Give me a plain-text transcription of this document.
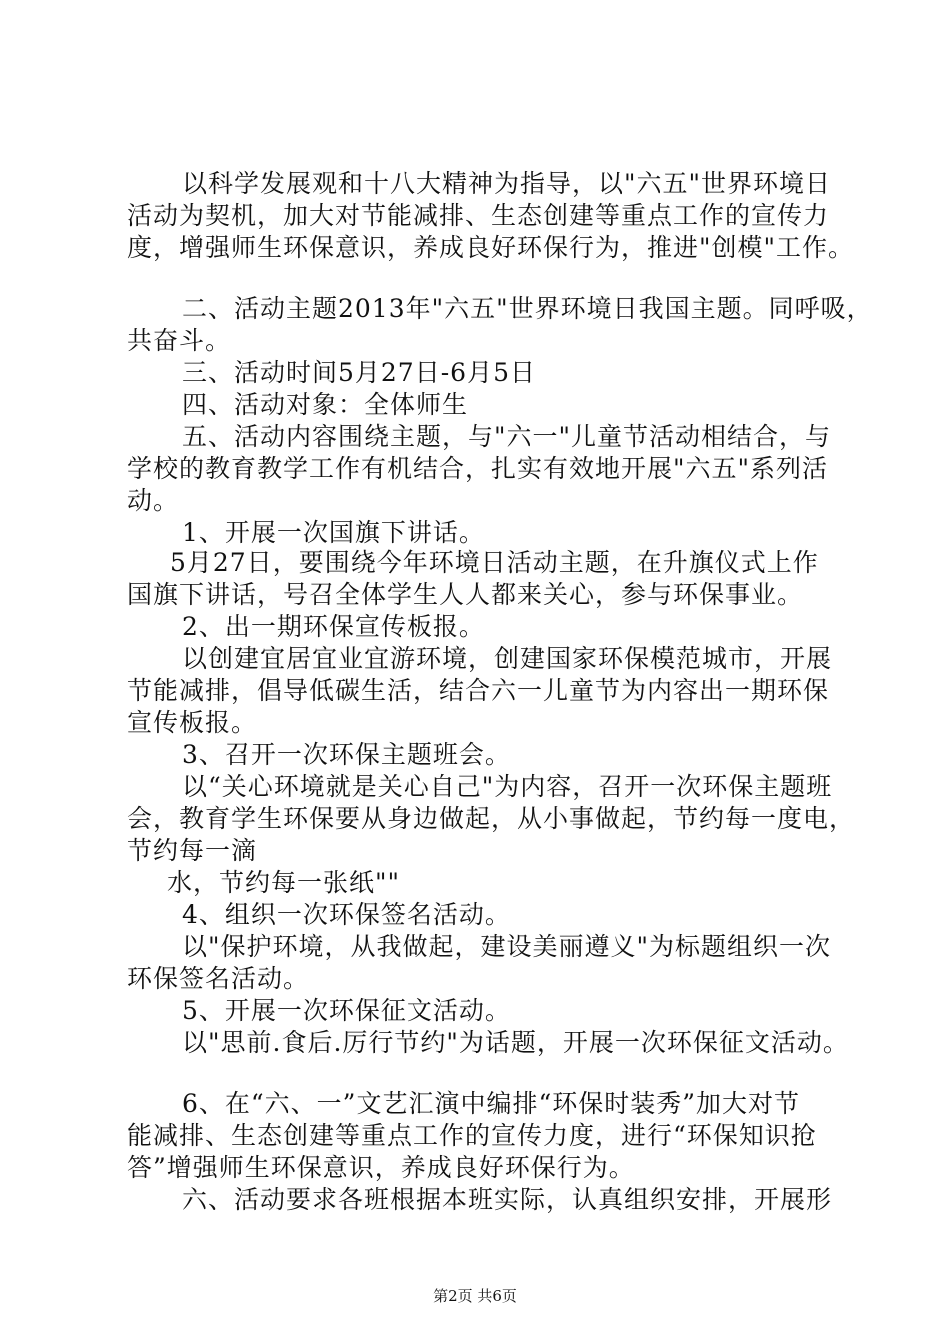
以科学发展观和十八大精神为指导，以"六五"世界环境日
活动为契机，加大对节能减排、生态创建等重点工作的宣传力
度，增强师生环保意识，养成良好环保行为，推进"创模"工作。
二、活动主题2013年"六五"世界环境日我国主题。同呼吸，
共奋斗。
三、活动时间5月27日-6月5日
四、活动对象：全体师生
五、活动内容围绕主题，与"六一"儿童节活动相结合，与
学校的教育教学工作有机结合，扎实有效地开展"六五"系列活
动。
1、开展一次国旗下讲话。
5月27日，要围绕今年环境日活动主题，在升旗仪式上作
国旗下讲话，号召全体学生人人都来关心，参与环保事业。
2、出一期环保宣传板报。
以创建宜居宜业宜游环境，创建国家环保模范城市，开展
节能减排，倡导低碳生活，结合六一儿童节为内容出一期环保
宣传板报。
3、召开一次环保主题班会。
以“关心环境就是关心自己"为内容，召开一次环保主题班
会，教育学生环保要从身边做起，从小事做起，节约每一度电，
节约每一滴
水，节约每一张纸""
4、组织一次环保签名活动。
以"保护环境，从我做起，建设美丽遵义"为标题组织一次
环保签名活动。
5、开展一次环保征文活动。
以"思前.食后.厉行节约"为话题，开展一次环保征文活动。
6、在“六、一”文艺汇演中编排“环保时装秀”加大对节
能减排、生态创建等重点工作的宣传力度，进行“环保知识抢
答”增强师生环保意识，养成良好环保行为。
六、活动要求各班根据本班实际，认真组织安排，开展形
第2页 共6页
